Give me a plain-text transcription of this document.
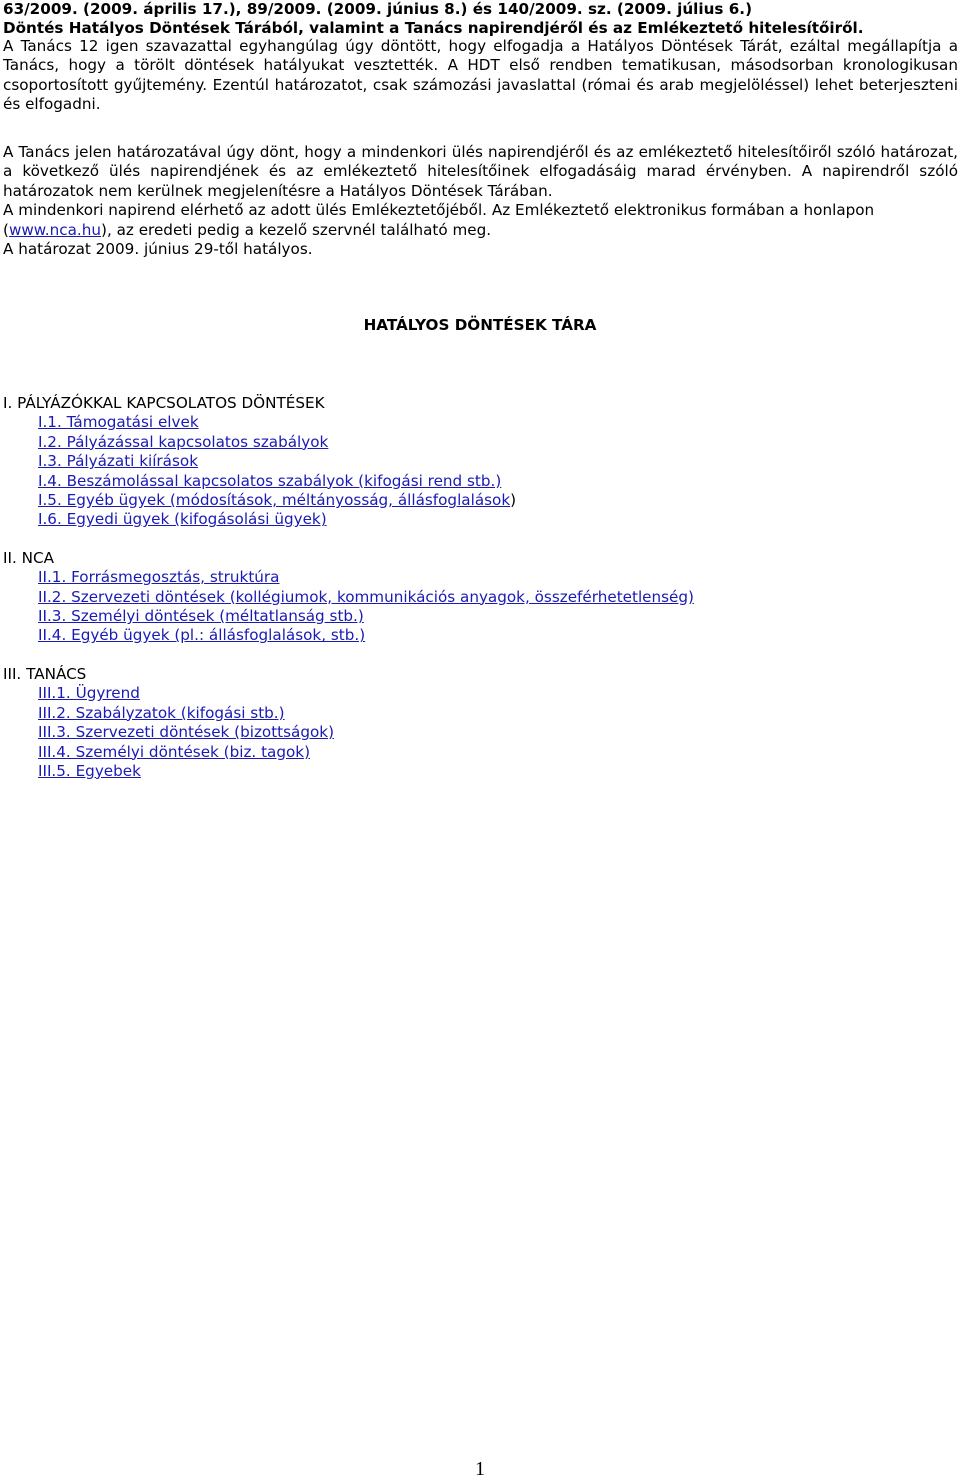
63/2009. (2009. április 17.), 89/2009. (2009. június 8.) és 140/2009. sz. (2009. július 6.)
Döntés Hatályos Döntések Tárából, valamint a Tanács napirendjéről és az Emlékeztető hitelesítőiről.

A Tanács 12 igen szavazattal egyhangúlag úgy döntött, hogy elfogadja a Hatályos Döntések Tárát, ezáltal megállapítja a Tanács, hogy a törölt döntések hatályukat vesztették. A HDT első rendben tematikusan, másodsorban kronologikusan csoportosított gyűjtemény. Ezentúl határozatot, csak számozási javaslattal (római és arab megjelöléssel) lehet beterjeszteni és elfogadni.

A Tanács jelen határozatával úgy dönt, hogy a mindenkori ülés napirendjéről és az emlékeztető hitelesítőiről szóló határozat, a következő ülés napirendjének és az emlékeztető hitelesítőinek elfogadásáig marad érvényben. A napirendről szóló határozatok nem kerülnek megjelenítésre a Hatályos Döntések Tárában.

A mindenkori napirend elérhető az adott ülés Emlékeztetőjéből. Az Emlékeztető elektronikus formában a honlapon

(www.nca.hu), az eredeti pedig a kezelő szervnél található meg.
A határozat 2009. június 29-től hatályos.
HATÁLYOS DÖNTÉSEK TÁRA
I. PÁLYÁZÓKKAL KAPCSOLATOS DÖNTÉSEK
I.1. Támogatási elvek
I.2. Pályázással kapcsolatos szabályok
I.3. Pályázati kiírások
I.4. Beszámolással kapcsolatos szabályok (kifogási rend stb.)
I.5. Egyéb ügyek (módosítások, méltányosság, állásfoglalások)
I.6. Egyedi ügyek (kifogásolási ügyek)
II. NCA
II.1. Forrásmegosztás, struktúra
II.2. Szervezeti döntések (kollégiumok, kommunikációs anyagok, összeférhetetlenség)
II.3. Személyi döntések (méltatlanság stb.)
II.4. Egyéb ügyek (pl.: állásfoglalások, stb.)
III. TANÁCS
III.1. Ügyrend
III.2. Szabályzatok (kifogási stb.)
III.3. Szervezeti döntések (bizottságok)
III.4. Személyi döntések (biz. tagok)
III.5. Egyebek
1
